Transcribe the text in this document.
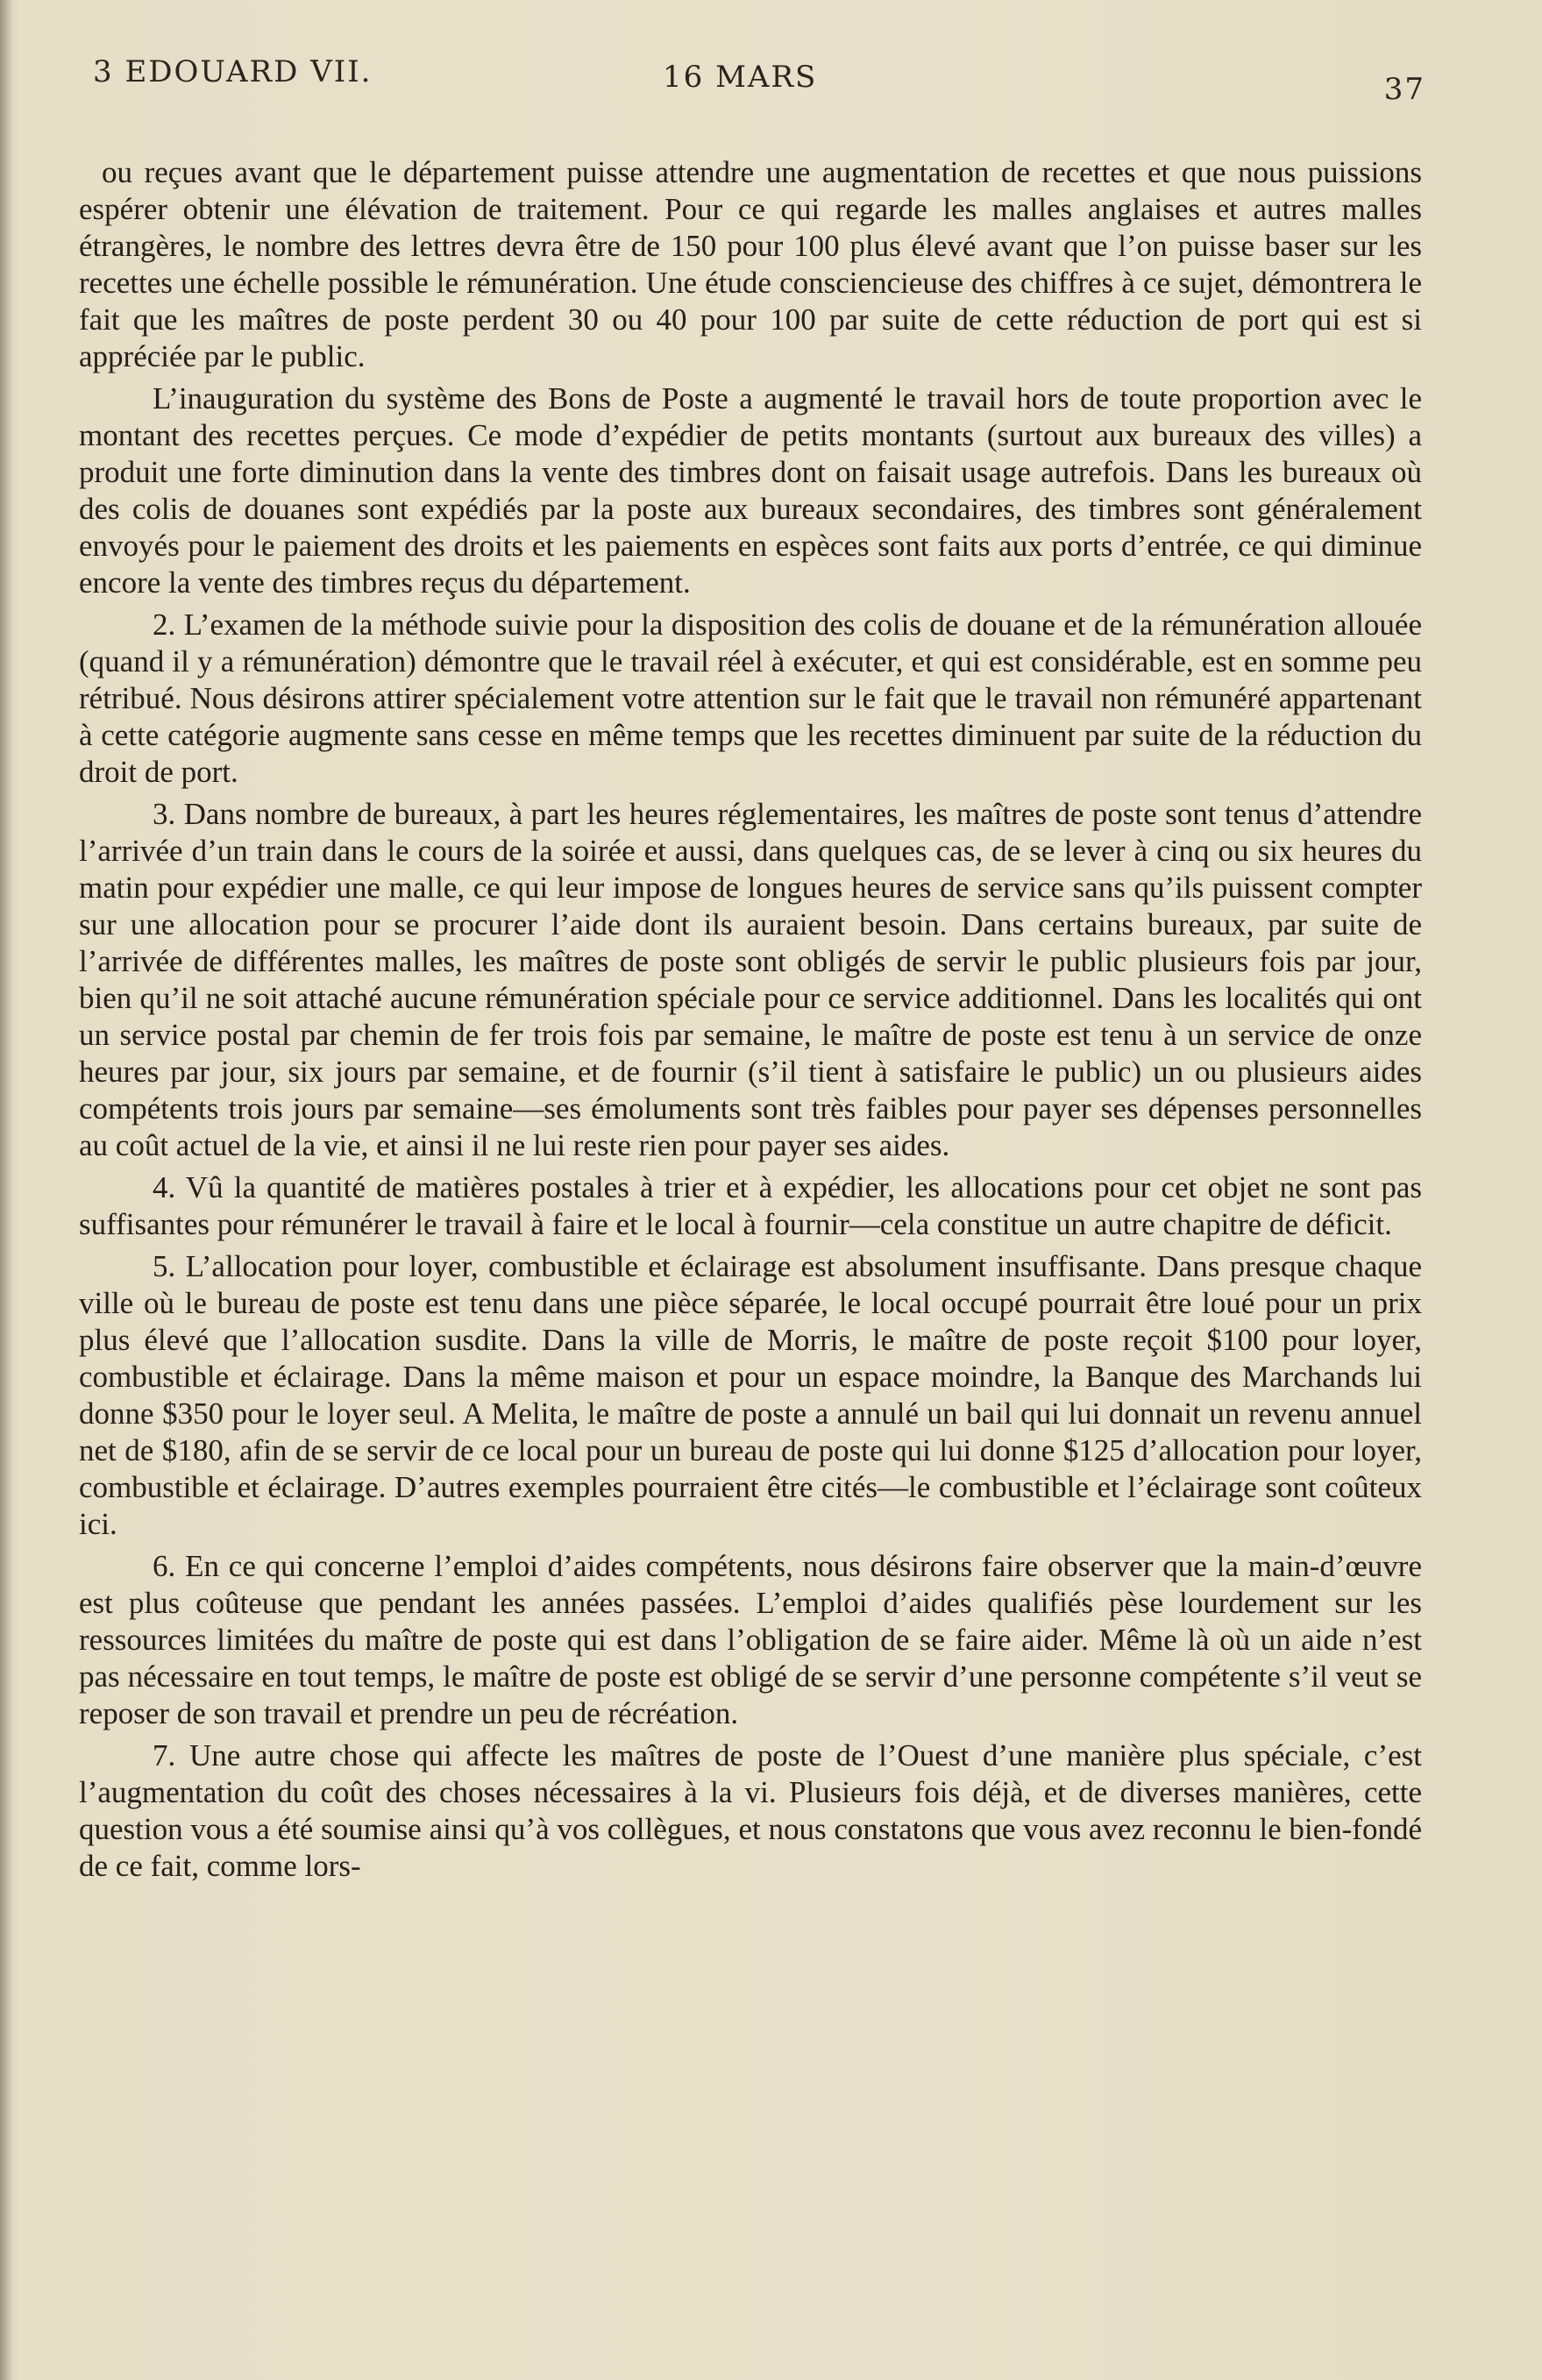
3 EDOUARD VII.	16 MARS	37

ou reçues avant que le département puisse attendre une augmentation de recettes et que nous puissions espérer obtenir une élévation de traitement. Pour ce qui regarde les malles anglaises et autres malles étrangères, le nombre des lettres devra être de 150 pour 100 plus élevé avant que l’on puisse baser sur les recettes une échelle possible le rémunération. Une étude consciencieuse des chiffres à ce sujet, démontrera le fait que les maîtres de poste perdent 30 ou 40 pour 100 par suite de cette réduction de port qui est si appréciée par le public.

L’inauguration du système des Bons de Poste a augmenté le travail hors de toute proportion avec le montant des recettes perçues. Ce mode d’expédier de petits montants (surtout aux bureaux des villes) a produit une forte diminution dans la vente des timbres dont on faisait usage autrefois. Dans les bureaux où des colis de douanes sont expédiés par la poste aux bureaux secondaires, des timbres sont généralement envoyés pour le paiement des droits et les paiements en espèces sont faits aux ports d’entrée, ce qui diminue encore la vente des timbres reçus du département.

2. L’examen de la méthode suivie pour la disposition des colis de douane et de la rémunération allouée (quand il y a rémunération) démontre que le travail réel à exécuter, et qui est considérable, est en somme peu rétribué. Nous désirons attirer spécialement votre attention sur le fait que le travail non rémunéré appartenant à cette catégorie augmente sans cesse en même temps que les recettes diminuent par suite de la réduction du droit de port.

3. Dans nombre de bureaux, à part les heures réglementaires, les maîtres de poste sont tenus d’attendre l’arrivée d’un train dans le cours de la soirée et aussi, dans quelques cas, de se lever à cinq ou six heures du matin pour expédier une malle, ce qui leur impose de longues heures de service sans qu’ils puissent compter sur une allocation pour se procurer l’aide dont ils auraient besoin. Dans certains bureaux, par suite de l’arrivée de différentes malles, les maîtres de poste sont obligés de servir le public plusieurs fois par jour, bien qu’il ne soit attaché aucune rémunération spéciale pour ce service additionnel. Dans les localités qui ont un service postal par chemin de fer trois fois par semaine, le maître de poste est tenu à un service de onze heures par jour, six jours par semaine, et de fournir (s’il tient à satisfaire le public) un ou plusieurs aides compétents trois jours par semaine—ses émoluments sont très faibles pour payer ses dépenses personnelles au coût actuel de la vie, et ainsi il ne lui reste rien pour payer ses aides.

4. Vû la quantité de matières postales à trier et à expédier, les allocations pour cet objet ne sont pas suffisantes pour rémunérer le travail à faire et le local à fournir—cela constitue un autre chapitre de déficit.

5. L’allocation pour loyer, combustible et éclairage est absolument insuffisante. Dans presque chaque ville où le bureau de poste est tenu dans une pièce séparée, le local occupé pourrait être loué pour un prix plus élevé que l’allocation susdite. Dans la ville de Morris, le maître de poste reçoit $100 pour loyer, combustible et éclairage. Dans la même maison et pour un espace moindre, la Banque des Marchands lui donne $350 pour le loyer seul. A Melita, le maître de poste a annulé un bail qui lui donnait un revenu annuel net de $180, afin de se servir de ce local pour un bureau de poste qui lui donne $125 d’allocation pour loyer, combustible et éclairage. D’autres exemples pourraient être cités—le combustible et l’éclairage sont coûteux ici.

6. En ce qui concerne l’emploi d’aides compétents, nous désirons faire observer que la main-d’œuvre est plus coûteuse que pendant les années passées. L’emploi d’aides qualifiés pèse lourdement sur les ressources limitées du maître de poste qui est dans l’obligation de se faire aider. Même là où un aide n’est pas nécessaire en tout temps, le maître de poste est obligé de se servir d’une personne compétente s’il veut se reposer de son travail et prendre un peu de récréation.

7. Une autre chose qui affecte les maîtres de poste de l’Ouest d’une manière plus spéciale, c’est l’augmentation du coût des choses nécessaires à la vi. Plusieurs fois déjà, et de diverses manières, cette question vous a été soumise ainsi qu’à vos collègues, et nous constatons que vous avez reconnu le bien-fondé de ce fait, comme lors-
